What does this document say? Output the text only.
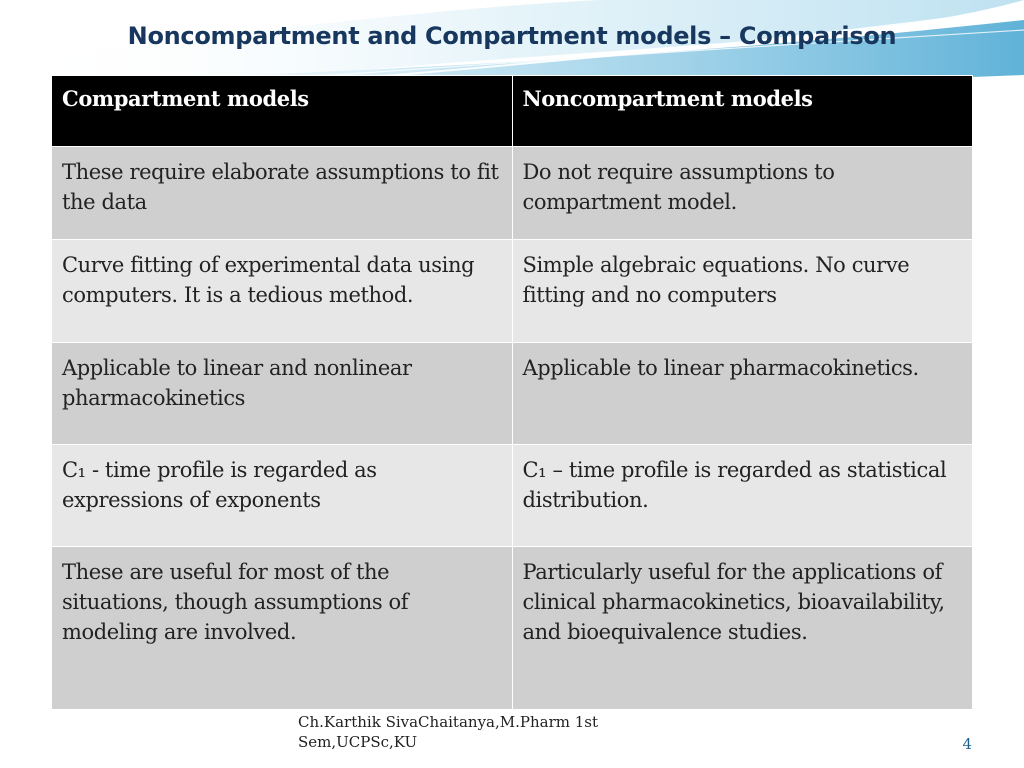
Noncompartment and Compartment models – Comparison
Compartment models	Noncompartment models
These require elaborate assumptions to fit the data	Do not require assumptions to compartment model.
Curve fitting of experimental data using computers. It is a tedious method.	Simple algebraic equations. No curve fitting and no computers
Applicable to linear and nonlinear pharmacokinetics	Applicable to linear pharmacokinetics.
C₁ - time profile is regarded as expressions of exponents	C₁ – time profile is regarded as statistical distribution.
These are useful for most of the situations, though assumptions of modeling are involved.	Particularly useful for the applications of clinical pharmacokinetics, bioavailability, and bioequivalence studies.
Ch.Karthik SivaChaitanya,M.Pharm 1st Sem,UCPSc,KU	4
